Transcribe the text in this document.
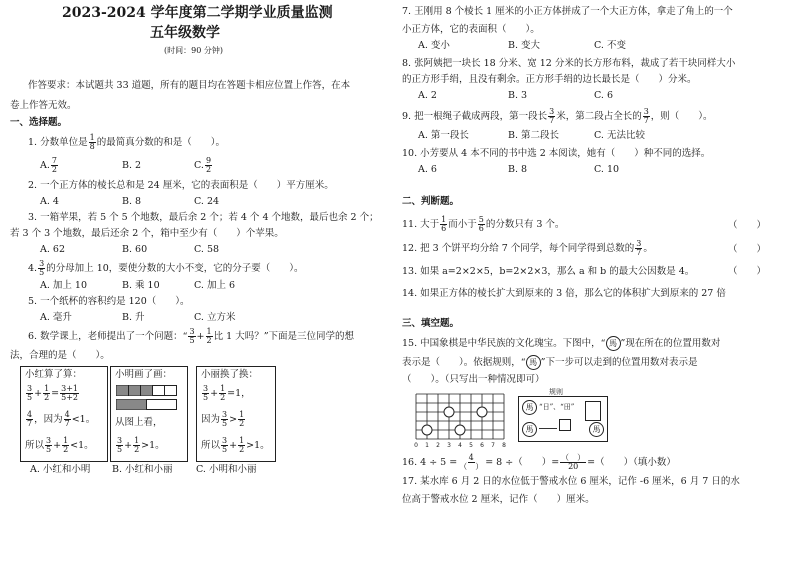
2023-2024 学年度第二学期学业质量监测
五年级数学
(时间：90 分钟)
作答要求：本试题共 33 道题，所有的题目均在答题卡相应位置上作答，在本
卷上作答无效。
一、选择题。
1. 分数单位是 $\frac{1}{8}$ 的最简真分数的和是（　　）。
A. $\frac{7}{2}$	B. 2	C. $\frac{9}{2}$
2. 一个正方体的棱长总和是 24 厘米，它的表面积是（　　）平方厘米。
A. 4	B. 8	C. 24
3. 一箱苹果，若 5 个 5 个地数，最后余 2 个；若 4 个 4 个地数，最后也余 2 个；
若 3 个 3 个地数，最后还余 2 个，箱中至少有（　　）个苹果。
A. 62	B. 60	C. 58
4. $\frac{3}{5}$ 的分母加上 10，要使分数的大小不变，它的分子要（　　）。
A. 加上 10	B. 乘 10	C. 加上 6
5. 一个纸杯的容积约是 120（　　）。
A. 毫升	B. 升	C. 立方米
6. 数学课上，老师提出了一个问题：“ $\frac{3}{5} + \frac{1}{2}$ 比 1 大吗？”下面是三位同学的想
法，合理的是（　　）。
小红算了算：
$\frac{3}{5} + \frac{1}{2} = \frac{3+1}{5+2}$
$\frac{4}{7}$ ，因为 $\frac{4}{7} <1$。
所以 $\frac{3}{5} + \frac{1}{2} <1$。
小明画了画：
从图上看，
$\frac{3}{5} + \frac{1}{2} >1$。
小丽换了换：
$\frac{3}{5} + \frac{1}{2} =1$，
因为 $\frac{3}{5} > \frac{1}{2}$
所以 $\frac{3}{5} + \frac{1}{2} >1$。
A. 小红和小明 B. 小红和小丽 C. 小明和小丽
7. 王刚用 8 个棱长 1 厘米的小正方体拼成了一个大正方体，拿走了角上的一个
小正方体，它的表面积（　　）。
A. 变小	B. 变大	C. 不变
8. 张阿姨把一块长 18 分米、宽 12 分米的长方形布料，裁成了若干块同样大小
的正方形手绢，且没有剩余。正方形手绢的边长最长是（　　）分米。
A. 2	B. 3	C. 6
9. 把一根绳子截成两段，第一段长 $\frac{3}{7}$ 米，第二段占全长的 $\frac{3}{7}$ ，则（　　）。
A. 第一段长	B. 第二段长	C. 无法比较
10. 小芳要从 4 本不同的书中选 2 本阅读，她有（　　）种不同的选择。
A. 6	B. 8	C. 10
二、判断题。
11. 大于 $\frac{1}{6}$ 而小于 $\frac{5}{6}$ 的分数只有 3 个。	（　　）
12. 把 3 个饼平均分给 7 个同学，每个同学得到总数的 $\frac{3}{7}$ 。	（　　）
13. 如果 a=2×2×5，b=2×2×3，那么 a 和 b 的最大公因数是 4。	（　　）
14. 如果正方体的棱长扩大到原来的 3 倍，那么它的体积扩大到原来的 27 倍
三、填空题。
15. 中国象棋是中华民族的文化瑰宝。下图中，“ 馬 ”现在所在的位置用数对
表示是（　　）。依据规则，“ 馬 ”下一步可以走到的位置用数对表示是
（　　）。（只写出一种情况即可）
0 1 2 3 4 5 6 7 8
规则
馬 “日”、“田”
馬	馬
16. $4 \div 5 = \frac{4}{( )} = 8$ ÷（　　）= $\frac{( )}{20}$ =（　　）（填小数）
17. 某水库 6 月 2 日的水位低于警戒水位 6 厘米，记作 -6 厘米，6 月 7 日的水
位高于警戒水位 2 厘米，记作（　　）厘米。
